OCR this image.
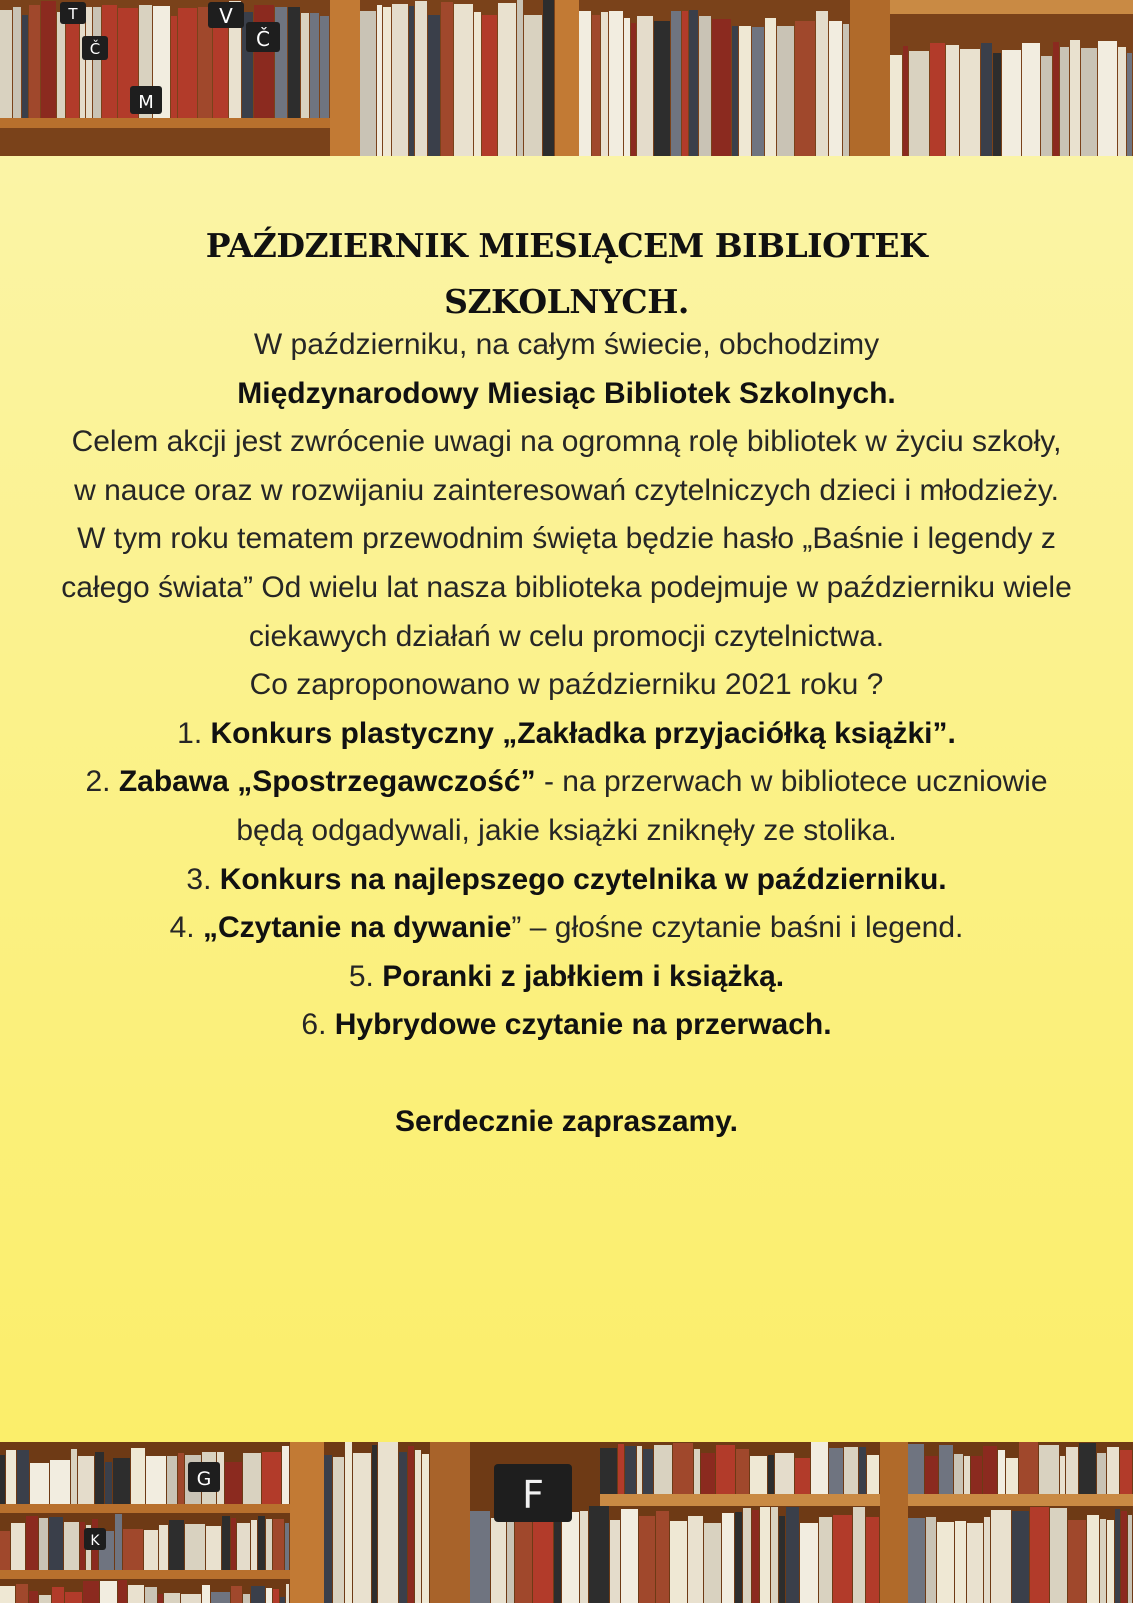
T
Č
V
Č
M
PAŹDZIERNIK MIESIĄCEM BIBLIOTEK SZKOLNYCH.

W październiku, na całym świecie, obchodzimy

Międzynarodowy Miesiąc Bibliotek Szkolnych.

Celem akcji jest zwrócenie uwagi na ogromną rolę bibliotek w życiu szkoły, w nauce oraz w rozwijaniu zainteresowań czytelniczych dzieci i młodzieży.

W tym roku tematem przewodnim święta będzie hasło „Baśnie i legendy z całego świata” Od wielu lat nasza biblioteka podejmuje w październiku wiele ciekawych działań w celu promocji czytelnictwa.

Co zaproponowano w październiku 2021 roku ?

1. Konkurs plastyczny „Zakładka przyjaciółką książki”.

2. Zabawa „Spostrzegawczość” - na przerwach w bibliotece uczniowie będą odgadywali, jakie książki zniknęły ze stolika.

3. Konkurs na najlepszego czytelnika w październiku.

4. „Czytanie na dywanie” – głośne czytanie baśni i legend.

5. Poranki z jabłkiem i książką.

6. Hybrydowe czytanie na przerwach.

Serdecznie zapraszamy.

G	F
K
